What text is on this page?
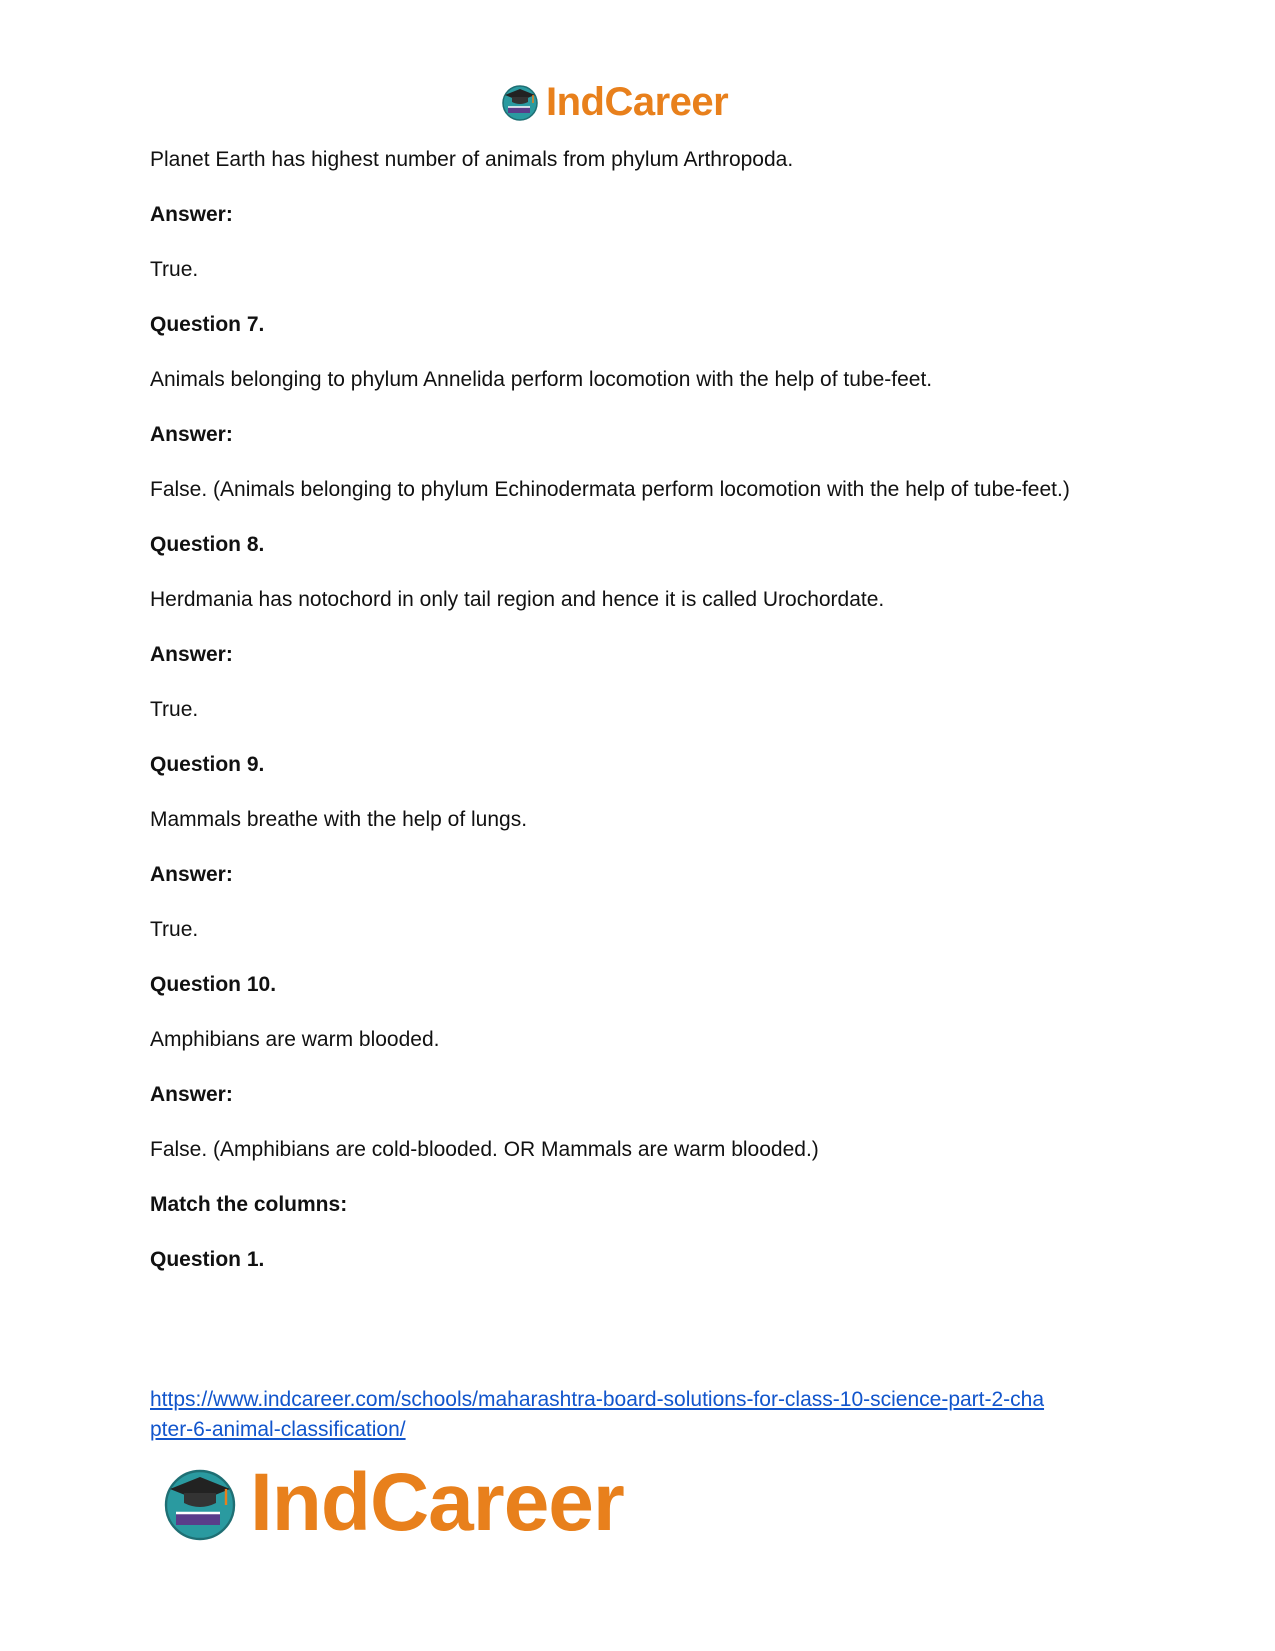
IndCareer

Planet Earth has highest number of animals from phylum Arthropoda.

Answer:

True.

Question 7.

Animals belonging to phylum Annelida perform locomotion with the help of tube-feet.

Answer:

False. (Animals belonging to phylum Echinodermata perform locomotion with the help of tube-feet.)

Question 8.

Herdmania has notochord in only tail region and hence it is called Urochordate.

Answer:

True.

Question 9.

Mammals breathe with the help of lungs.

Answer:

True.

Question 10.

Amphibians are warm blooded.

Answer:

False. (Amphibians are cold-blooded. OR Mammals are warm blooded.)

Match the columns:

Question 1.

https://www.indcareer.com/schools/maharashtra-board-solutions-for-class-10-science-part-2-cha
pter-6-animal-classification/
IndCareer
